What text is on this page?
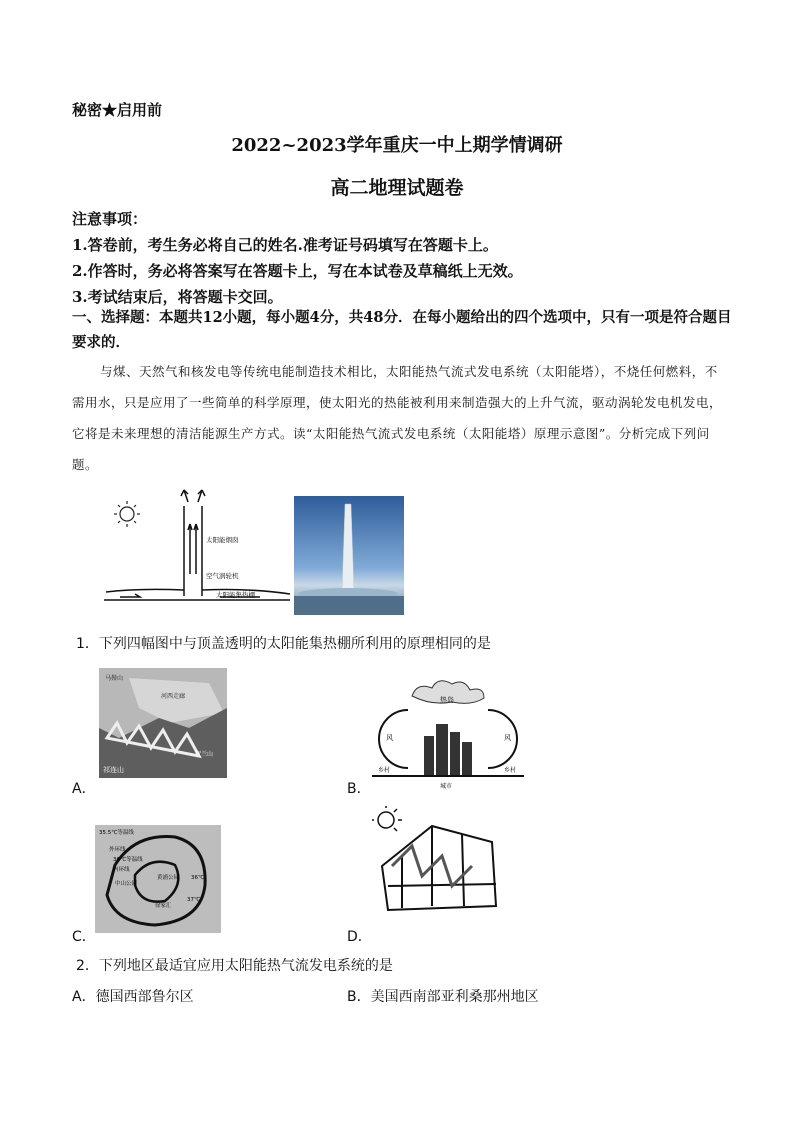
秘密★启用前
2022~2023学年重庆一中上期学情调研
高二地理试题卷
注意事项：
1.答卷前，考生务必将自己的姓名.准考证号码填写在答题卡上。
2.作答时，务必将答案写在答题卡上，写在本试卷及草稿纸上无效。
3.考试结束后，将答题卡交回。
一、选择题：本题共12小题，每小题4分，共48分．在每小题给出的四个选项中，只有一项是符合题目要求的．
与煤、天然气和核发电等传统电能制造技术相比，太阳能热气流式发电系统（太阳能塔），不烧任何燃料，不需用水，只是应用了一些简单的科学原理，使太阳光的热能被利用来制造强大的上升气流，驱动涡轮发电机发电，它将是未来理想的清洁能源生产方式。读“太阳能热气流式发电系统（太阳能塔）原理示意图”。分析完成下列问题。
太阳能烟囱
空气涡轮机
太阳能集热棚
1．下列四幅图中与顶盖透明的太阳能集热棚所利用的原理相同的是
马鬃山
河西走廊
祁连山
贺兰山
A．
热岛
风	风
乡村	乡村
城市
B．
35.5℃等温线
外环线
36℃等温线
内环线
中山公园
黄浦公园
徐家汇
36℃
37℃
C．	D．
2．下列地区最适宜应用太阳能热气流发电系统的是
A．德国西部鲁尔区	B．美国西南部亚利桑那州地区
